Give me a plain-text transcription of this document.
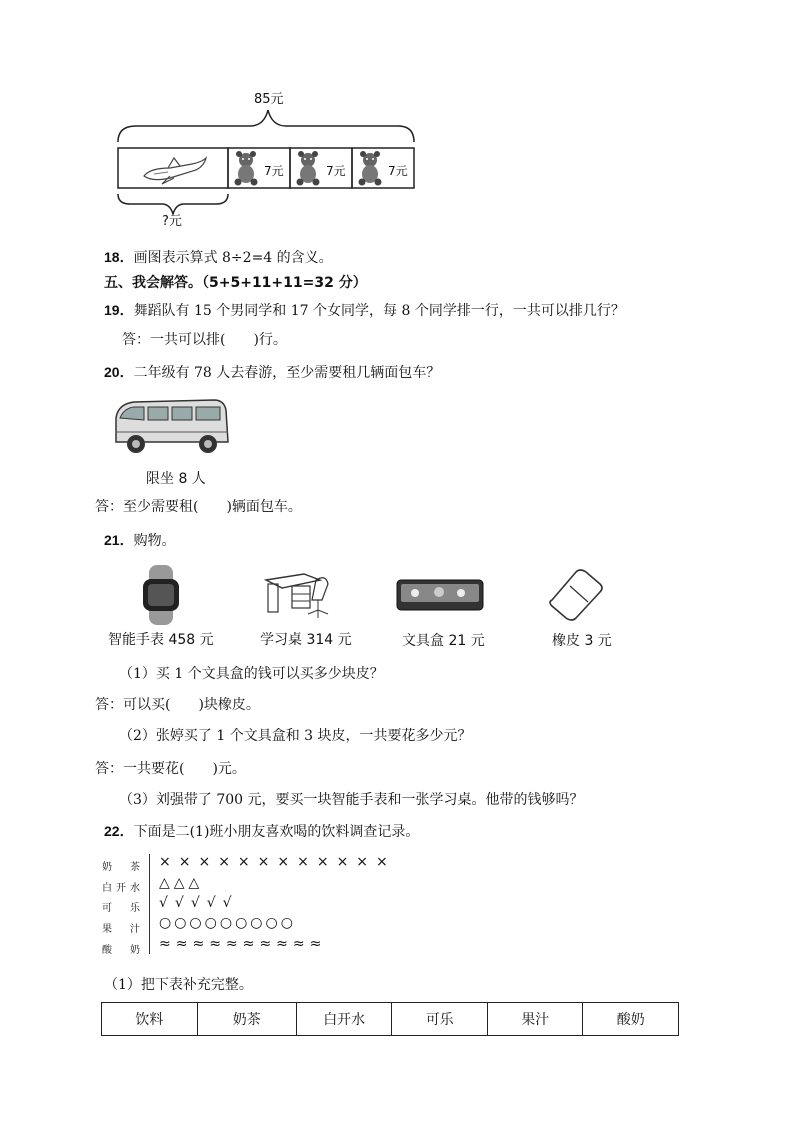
85元
7元	7元	7元
?元
18．画图表示算式 8÷2=4 的含义。
五、我会解答。（5+5+11+11=32 分）
19．舞蹈队有 15 个男同学和 17 个女同学，每 8 个同学排一行，一共可以排几行？
答：一共可以排(　　)行。
20．二年级有 78 人去春游，至少需要租几辆面包车？
限坐 8 人
答：至少需要租(　　)辆面包车。
21．购物。
智能手表 458 元	学习桌 314 元	文具盒 21 元	橡皮 3 元
（1）买 1 个文具盒的钱可以买多少块皮？
答：可以买(　　)块橡皮。
（2）张婷买了 1 个文具盒和 3 块皮，一共要花多少元？
答：一共要花(　　)元。
（3）刘强带了 700 元，要买一块智能手表和一张学习桌。他带的钱够吗？
22．下面是二(1)班小朋友喜欢喝的饮料调查记录。
奶　茶 ××××××××××××
白开水 △△△
可　乐 √√√√√
果　汁 ○○○○○○○○○
酸　奶 ≈≈≈≈≈≈≈≈≈≈
（1）把下表补充完整。
饮料	奶茶	白开水	可乐	果汁	酸奶
